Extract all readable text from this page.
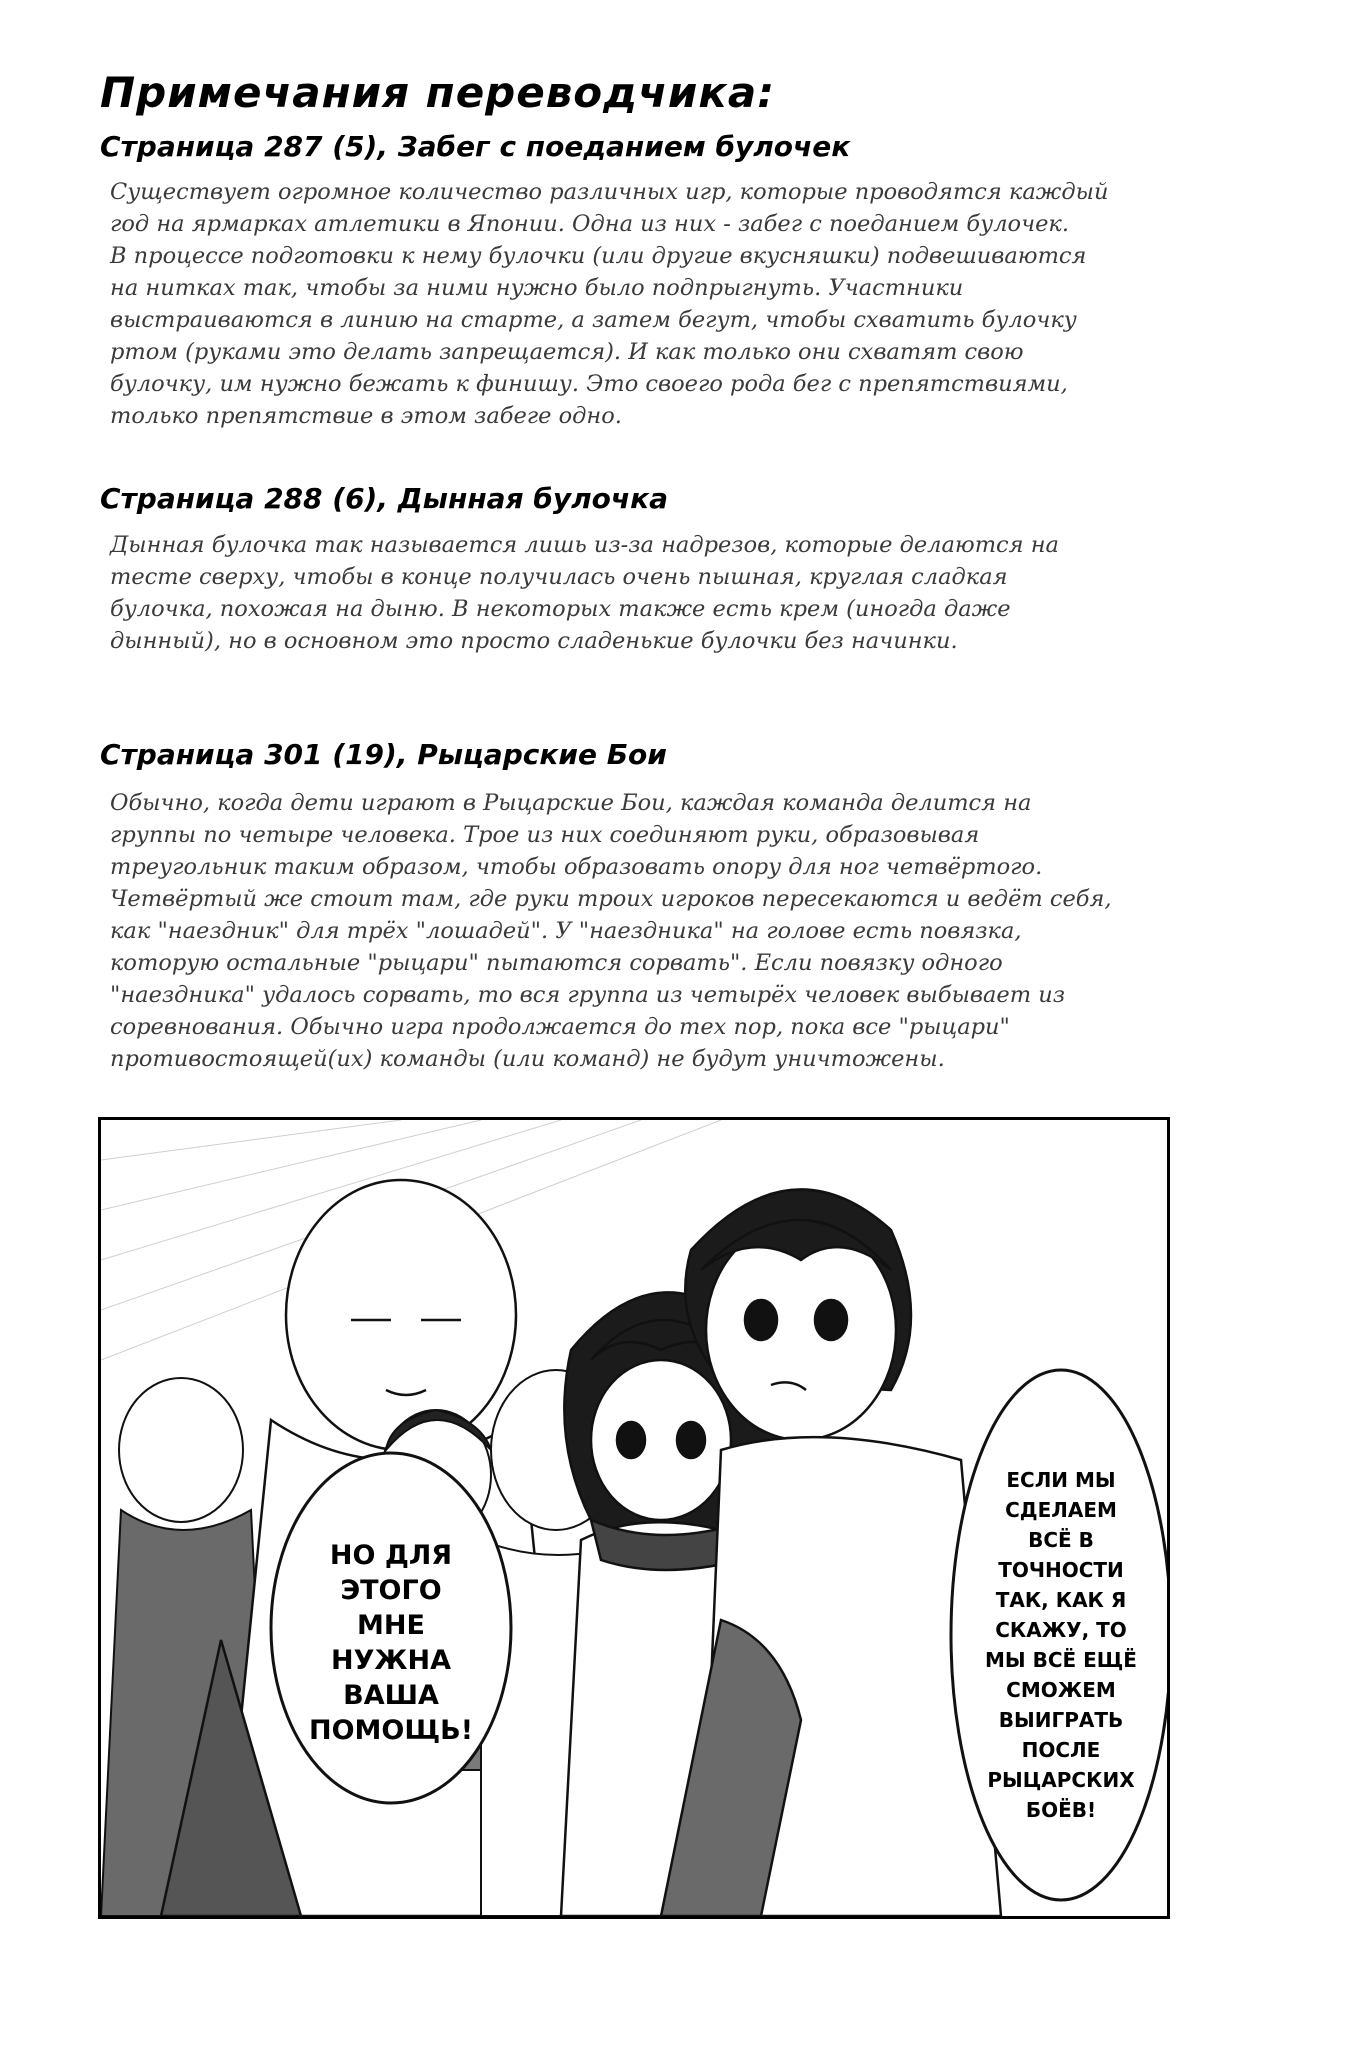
Примечания переводчика:
Страница 287 (5), Забег с поеданием булочек

Существует огромное количество различных игр, которые проводятся каждый
год на ярмарках атлетики в Японии. Одна из них - забег с поеданием булочек.
В процессе подготовки к нему булочки (или другие вкусняшки) подвешиваются
на нитках так, чтобы за ними нужно было подпрыгнуть. Участники
выстраиваются в линию на старте, а затем бегут, чтобы схватить булочку
ртом (руками это делать запрещается). И как только они схватят свою
булочку, им нужно бежать к финишу. Это своего рода бег с препятствиями,
только препятствие в этом забеге одно.

Страница 288 (6), Дынная булочка

Дынная булочка так называется лишь из-за надрезов, которые делаются на
тесте сверху, чтобы в конце получилась очень пышная, круглая сладкая
булочка, похожая на дыню. В некоторых также есть крем (иногда даже
дынный), но в основном это просто сладенькие булочки без начинки.

Страница 301 (19), Рыцарские Бои

Обычно, когда дети играют в Рыцарские Бои, каждая команда делится на
группы по четыре человека. Трое из них соединяют руки, образовывая
треугольник таким образом, чтобы образовать опору для ног четвёртого.
Четвёртый же стоит там, где руки троих игроков пересекаются и ведёт себя,
как "наездник" для трёх "лошадей". У "наездника" на голове есть повязка,
которую остальные "рыцари" пытаются сорвать". Если повязку одного
"наездника" удалось сорвать, то вся группа из четырёх человек выбывает из
соревнования. Обычно игра продолжается до тех пор, пока все "рыцари"
противостоящей(их) команды (или команд) не будут уничтожены.

НО ДЛЯ
ЭТОГО
МНЕ
НУЖНА
ВАША
ПОМОЩЬ!
ЕСЛИ МЫ
СДЕЛАЕМ
ВСЁ В
ТОЧНОСТИ
ТАК, КАК Я
СКАЖУ, ТО
МЫ ВСЁ ЕЩЁ
СМОЖЕМ
ВЫИГРАТЬ
ПОСЛЕ
РЫЦАРСКИХ
БОЁВ!
